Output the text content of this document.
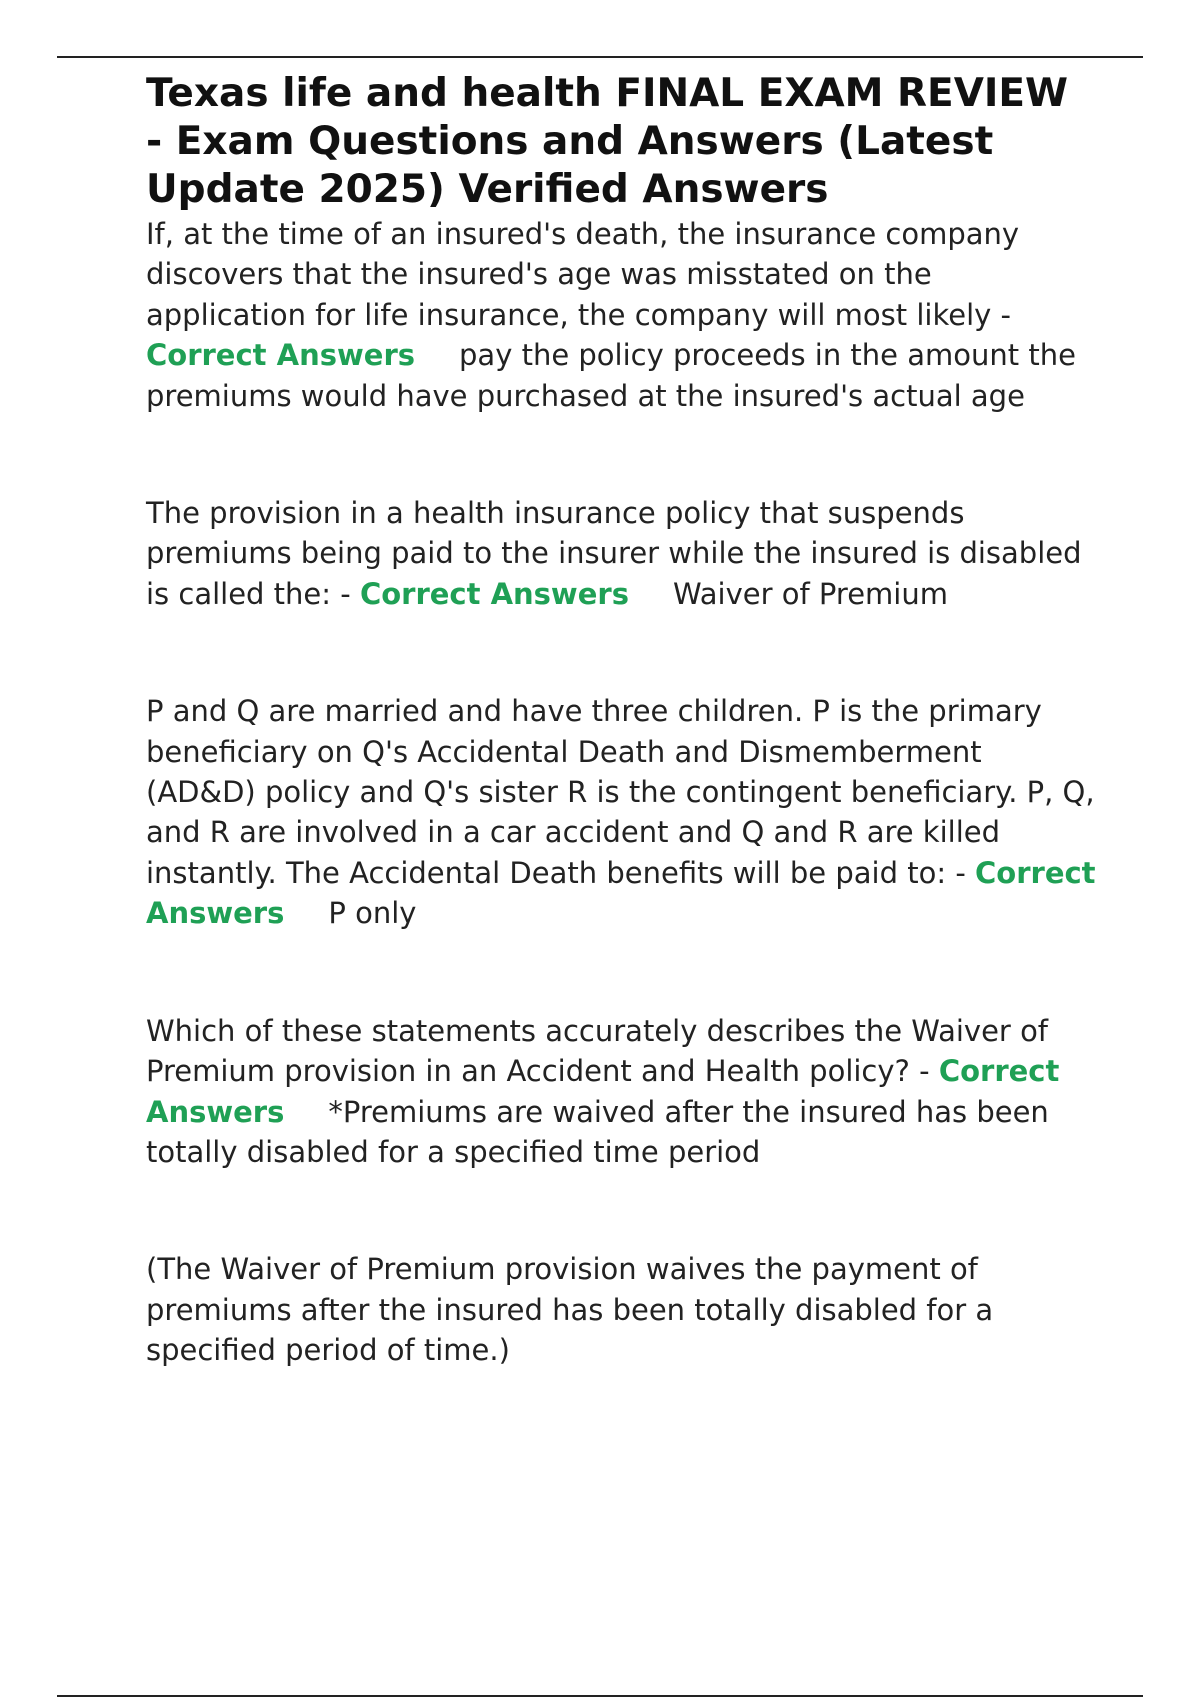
Texas life and health FINAL EXAM REVIEW - Exam Questions and Answers (Latest Update 2025) Verified Answers

If, at the time of an insured's death, the insurance company discovers that the insured's age was misstated on the application for life insurance, the company will most likely - Correct Answers pay the policy proceeds in the amount the premiums would have purchased at the insured's actual age

The provision in a health insurance policy that suspends premiums being paid to the insurer while the insured is disabled is called the: - Correct Answers Waiver of Premium

P and Q are married and have three children. P is the primary beneficiary on Q's Accidental Death and Dismemberment (AD&D) policy and Q's sister R is the contingent beneficiary. P, Q, and R are involved in a car accident and Q and R are killed instantly. The Accidental Death benefits will be paid to: - Correct Answers P only

Which of these statements accurately describes the Waiver of Premium provision in an Accident and Health policy? - Correct Answers *Premiums are waived after the insured has been totally disabled for a specified time period

(The Waiver of Premium provision waives the payment of premiums after the insured has been totally disabled for a specified period of time.)
